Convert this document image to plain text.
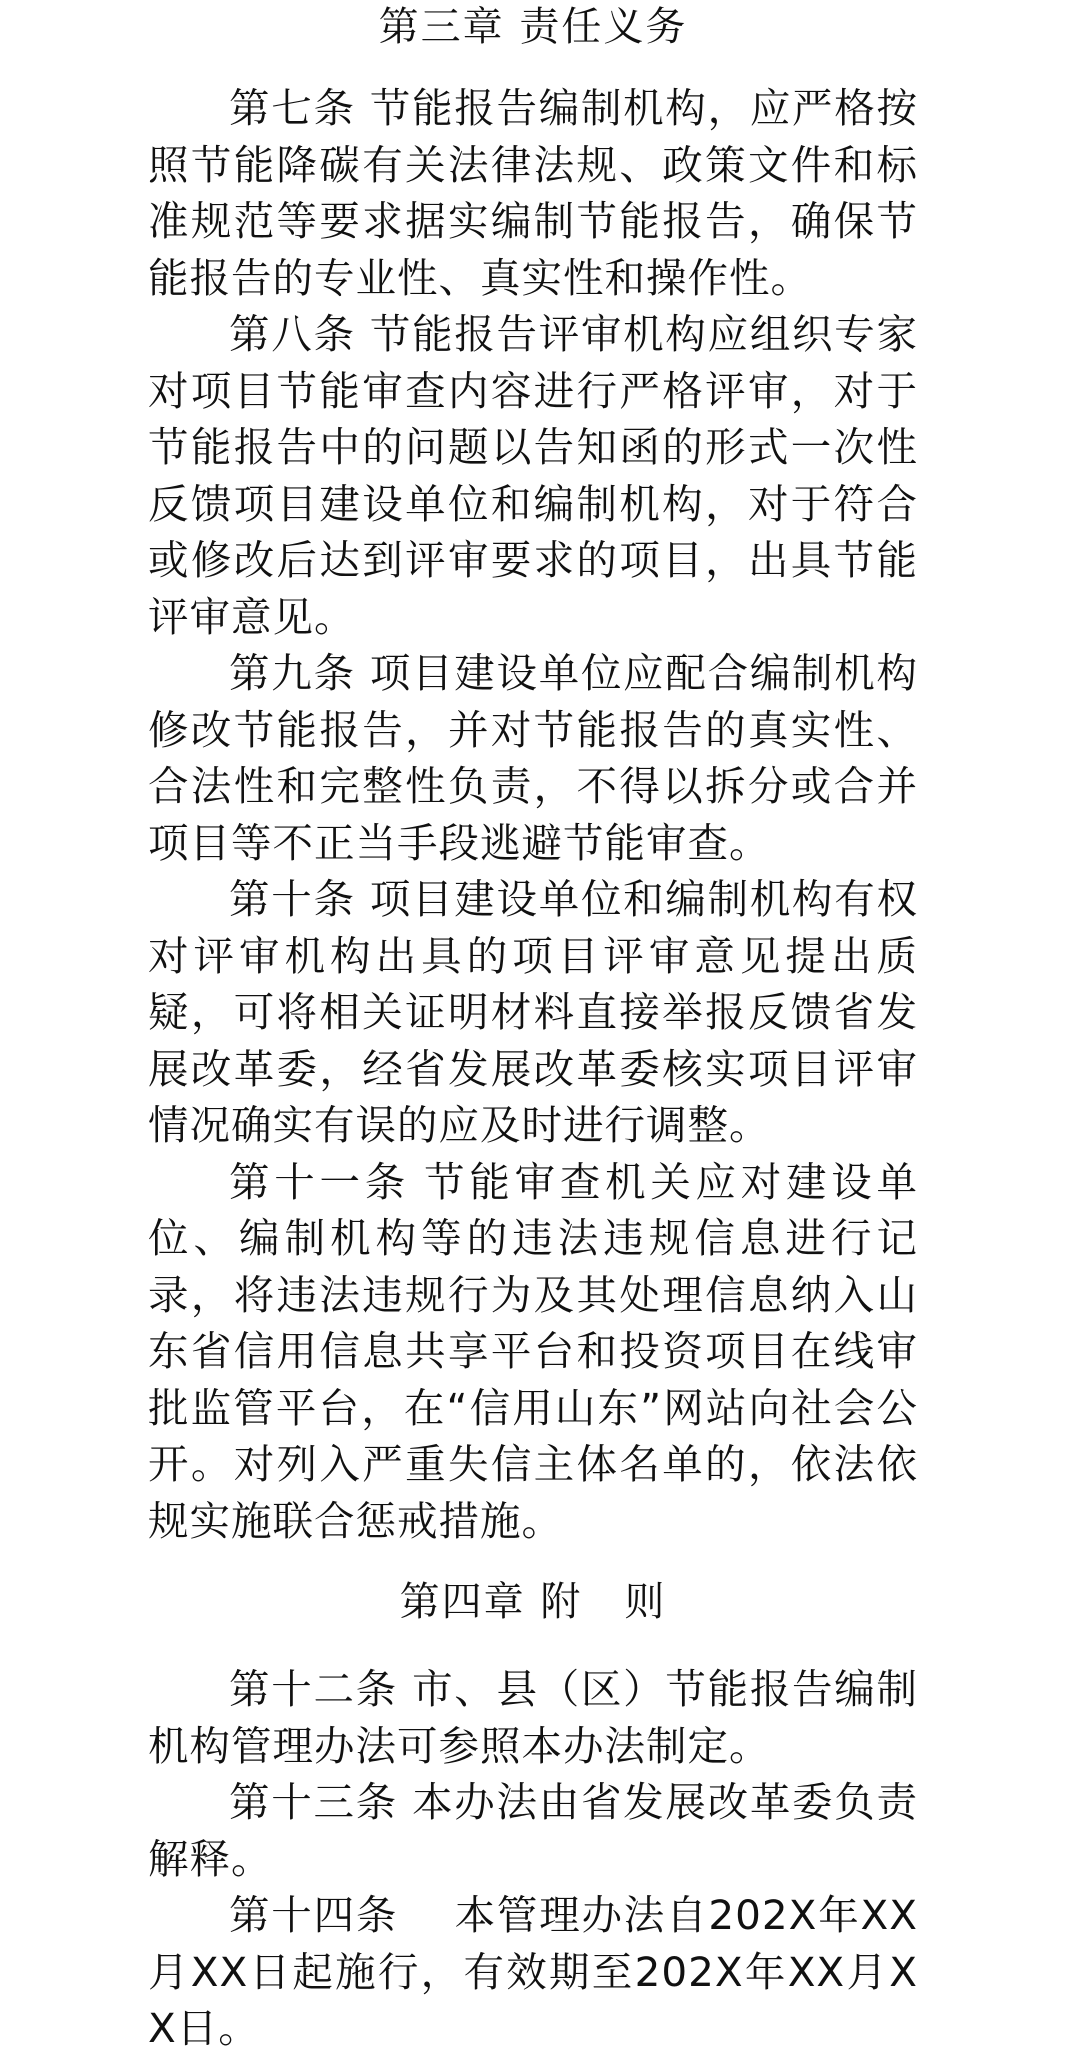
第三章 责任义务

第七条 节能报告编制机构，应严格按照节能降碳有关法律法规、政策文件和标准规范等要求据实编制节能报告，确保节能报告的专业性、真实性和操作性。

第八条 节能报告评审机构应组织专家对项目节能审查内容进行严格评审，对于节能报告中的问题以告知函的形式一次性反馈项目建设单位和编制机构，对于符合或修改后达到评审要求的项目，出具节能评审意见。

第九条 项目建设单位应配合编制机构修改节能报告，并对节能报告的真实性、合法性和完整性负责，不得以拆分或合并项目等不正当手段逃避节能审查。

第十条 项目建设单位和编制机构有权对评审机构出具的项目评审意见提出质疑，可将相关证明材料直接举报反馈省发展改革委，经省发展改革委核实项目评审情况确实有误的应及时进行调整。

第十一条 节能审查机关应对建设单位、编制机构等的违法违规信息进行记录，将违法违规行为及其处理信息纳入山东省信用信息共享平台和投资项目在线审批监管平台，在“信用山东”网站向社会公开。对列入严重失信主体名单的，依法依规实施联合惩戒措施。

第四章 附　则

第十二条 市、县（区）节能报告编制机构管理办法可参照本办法制定。

第十三条 本办法由省发展改革委负责解释。

第十四条　本管理办法自202X年XX月XX日起施行，有效期至202X年XX月XX日。
